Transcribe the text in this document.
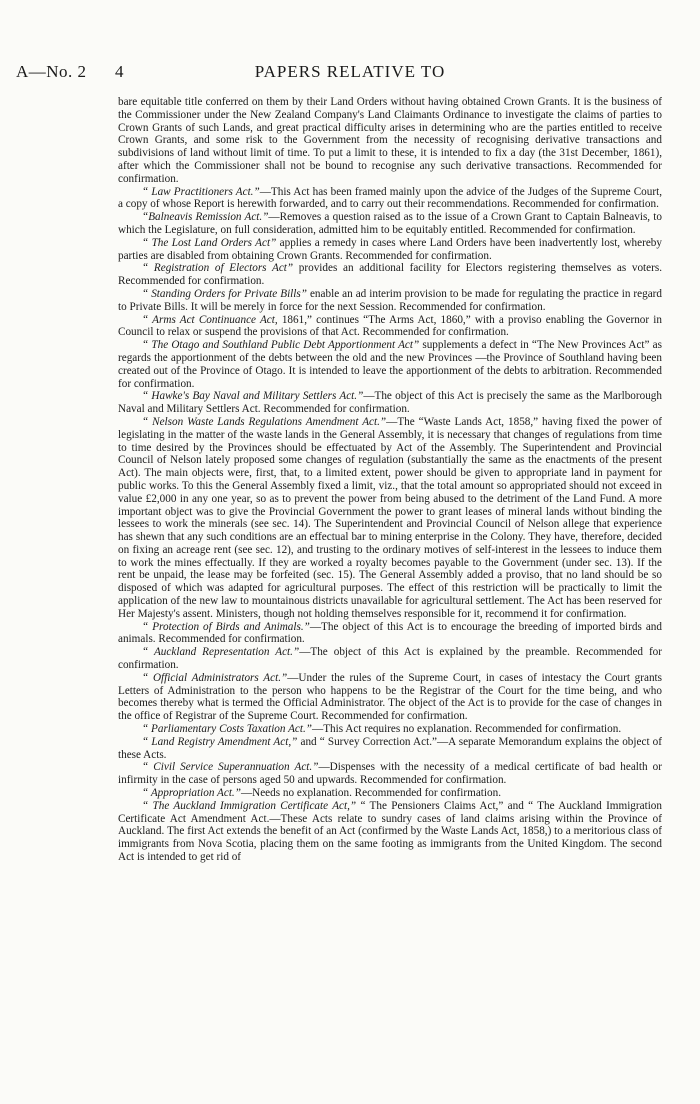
A—No. 2 4	PAPERS RELATIVE TO

bare equitable title conferred on them by their Land Orders without having obtained Crown Grants. It is the business of the Commissioner under the New Zealand Company's Land Claimants Ordinance to investigate the claims of parties to Crown Grants of such Lands, and great practical difficulty arises in determining who are the parties entitled to receive Crown Grants, and some risk to the Government from the necessity of recognising derivative transactions and subdivisions of land without limit of time. To put a limit to these, it is intended to fix a day (the 31st December, 1861), after which the Commissioner shall not be bound to recognise any such derivative transactions. Recommended for confirmation.

“ Law Practitioners Act.”—This Act has been framed mainly upon the advice of the Judges of the Supreme Court, a copy of whose Report is herewith forwarded, and to carry out their recommendations. Recommended for confirmation.

“Balneavis Remission Act.”—Removes a question raised as to the issue of a Crown Grant to Captain Balneavis, to which the Legislature, on full consideration, admitted him to be equitably entitled. Recommended for confirmation.

“ The Lost Land Orders Act” applies a remedy in cases where Land Orders have been inadvertently lost, whereby parties are disabled from obtaining Crown Grants. Recommended for confirmation.

“ Registration of Electors Act” provides an additional facility for Electors registering themselves as voters. Recommended for confirmation.

“ Standing Orders for Private Bills” enable an ad interim provision to be made for regulating the practice in regard to Private Bills. It will be merely in force for the next Session. Recommended for confirmation.

“ Arms Act Continuance Act, 1861,” continues “The Arms Act, 1860,” with a proviso enabling the Governor in Council to relax or suspend the provisions of that Act. Recommended for confirmation.

“ The Otago and Southland Public Debt Apportionment Act” supplements a defect in “The New Provinces Act” as regards the apportionment of the debts between the old and the new Provinces —the Province of Southland having been created out of the Province of Otago. It is intended to leave the apportionment of the debts to arbitration. Recommended for confirmation.

“ Hawke's Bay Naval and Military Settlers Act.”—The object of this Act is precisely the same as the Marlborough Naval and Military Settlers Act. Recommended for confirmation.

“ Nelson Waste Lands Regulations Amendment Act.”—The “Waste Lands Act, 1858,” having fixed the power of legislating in the matter of the waste lands in the General Assembly, it is necessary that changes of regulations from time to time desired by the Provinces should be effectuated by Act of the Assembly. The Superintendent and Provincial Council of Nelson lately proposed some changes of regulation (substantially the same as the enactments of the present Act). The main objects were, first, that, to a limited extent, power should be given to appropriate land in payment for public works. To this the General Assembly fixed a limit, viz., that the total amount so appropriated should not exceed in value £2,000 in any one year, so as to prevent the power from being abused to the detriment of the Land Fund. A more important object was to give the Provincial Government the power to grant leases of mineral lands without binding the lessees to work the minerals (see sec. 14). The Superintendent and Provincial Council of Nelson allege that experience has shewn that any such conditions are an effectual bar to mining enterprise in the Colony. They have, therefore, decided on fixing an acreage rent (see sec. 12), and trusting to the ordinary motives of self-interest in the lessees to induce them to work the mines effectually. If they are worked a royalty becomes payable to the Government (under sec. 13). If the rent be unpaid, the lease may be forfeited (sec. 15). The General Assembly added a proviso, that no land should be so disposed of which was adapted for agricultural purposes. The effect of this restriction will be practically to limit the application of the new law to mountainous districts unavailable for agricultural settlement. The Act has been reserved for Her Majesty's assent. Ministers, though not holding themselves responsible for it, recommend it for confirmation.

“ Protection of Birds and Animals.”—The object of this Act is to encourage the breeding of imported birds and animals. Recommended for confirmation.

“ Auckland Representation Act.”—The object of this Act is explained by the preamble. Recommended for confirmation.

“ Official Administrators Act.”—Under the rules of the Supreme Court, in cases of intestacy the Court grants Letters of Administration to the person who happens to be the Registrar of the Court for the time being, and who becomes thereby what is termed the Official Administrator. The object of the Act is to provide for the case of changes in the office of Registrar of the Supreme Court. Recommended for confirmation.

“ Parliamentary Costs Taxation Act.”—This Act requires no explanation. Recommended for confirmation.

“ Land Registry Amendment Act,” and “ Survey Correction Act.”—A separate Memorandum explains the object of these Acts.

“ Civil Service Superannuation Act.”—Dispenses with the necessity of a medical certificate of bad health or infirmity in the case of persons aged 50 and upwards. Recommended for confirmation.

“ Appropriation Act.”—Needs no explanation. Recommended for confirmation.

“ The Auckland Immigration Certificate Act,” “ The Pensioners Claims Act,” and “ The Auckland Immigration Certificate Act Amendment Act.—These Acts relate to sundry cases of land claims arising within the Province of Auckland. The first Act extends the benefit of an Act (confirmed by the Waste Lands Act, 1858,) to a meritorious class of immigrants from Nova Scotia, placing them on the same footing as immigrants from the United Kingdom. The second Act is intended to get rid of
